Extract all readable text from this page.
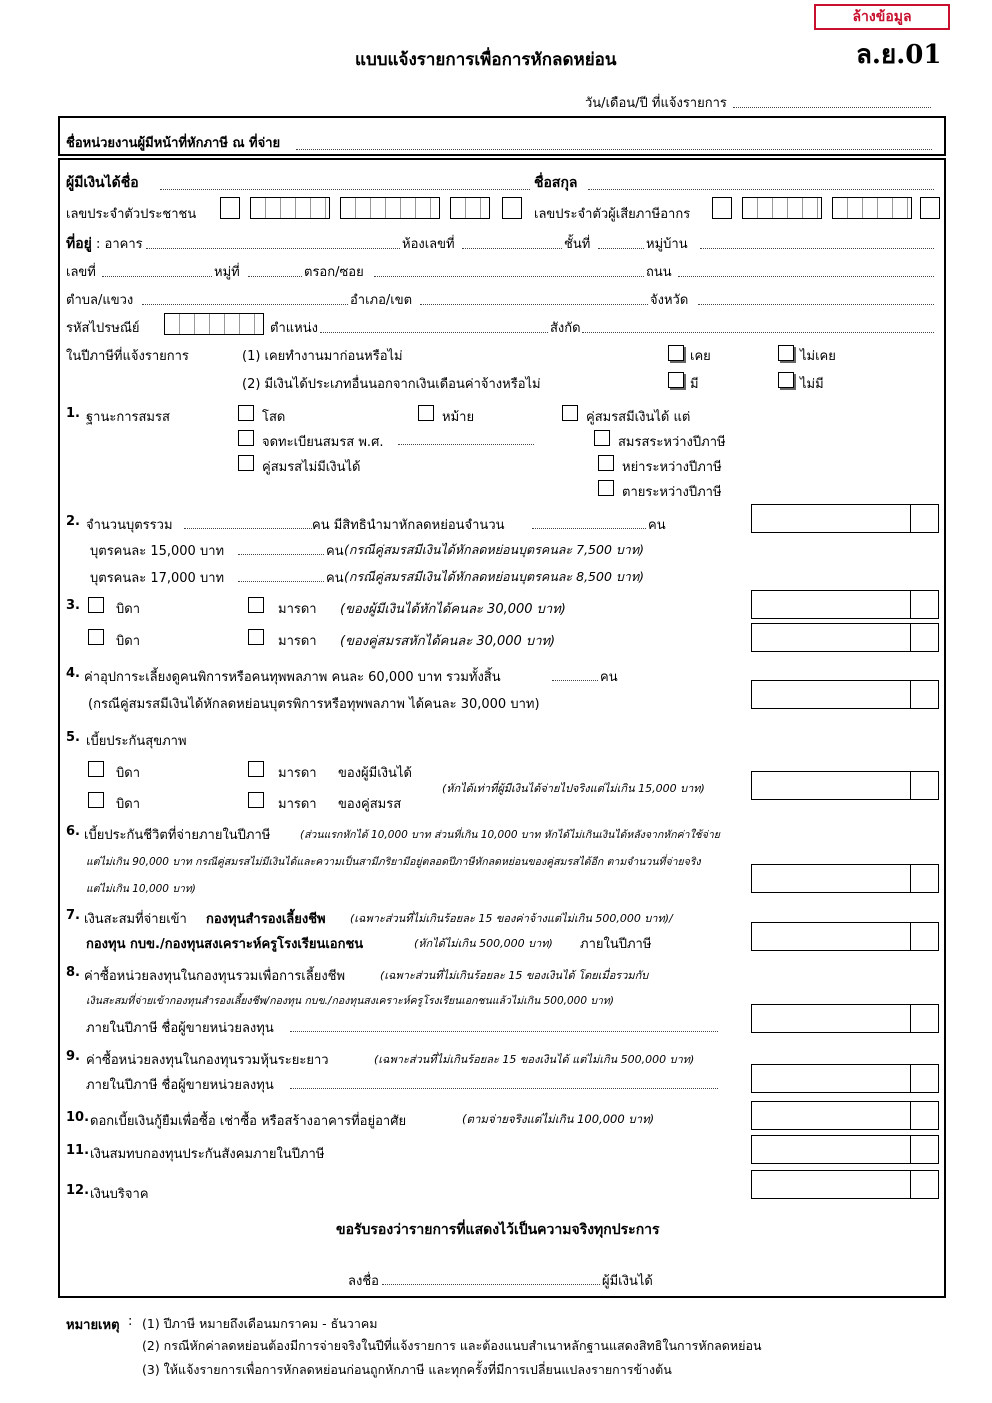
ล้างข้อมูล
ล.ย.01
แบบแจ้งรายการเพื่อการหักลดหย่อน
วัน/เดือน/ปี ที่แจ้งรายการ
ชื่อหน่วยงานผู้มีหน้าที่หักภาษี ณ ที่จ่าย
ผู้มีเงินได้ชื่อ	ชื่อสกุล
เลขประจำตัวประชาชน	เลขประจำตัวผู้เสียภาษีอากร
ที่อยู่ : อาคาร	ห้องเลขที่	ชั้นที่	หมู่บ้าน
เลขที่	หมู่ที่	ตรอก/ซอย	ถนน
ตำบล/แขวง	อำเภอ/เขต	จังหวัด
รหัสไปรษณีย์	ตำแหน่ง	สังกัด
ในปีภาษีที่แจ้งรายการ	(1) เคยทำงานมาก่อนหรือไม่	เคย	ไม่เคย
(2) มีเงินได้ประเภทอื่นนอกจากเงินเดือนค่าจ้างหรือไม่	มี	ไม่มี
1. ฐานะการสมรส	โสด	หม้าย	คู่สมรสมีเงินได้ แต่
จดทะเบียนสมรส พ.ศ.	สมรสระหว่างปีภาษี
คู่สมรสไม่มีเงินได้	หย่าระหว่างปีภาษี
ตายระหว่างปีภาษี
2. จำนวนบุตรรวม	คน มีสิทธินำมาหักลดหย่อนจำนวน	คน
บุตรคนละ 15,000 บาท	คน (กรณีคู่สมรสมีเงินได้หักลดหย่อนบุตรคนละ 7,500 บาท)
บุตรคนละ 17,000 บาท	คน (กรณีคู่สมรสมีเงินได้หักลดหย่อนบุตรคนละ 8,500 บาท)
3.	บิดา	มารดา (ของผู้มีเงินได้หักได้คนละ 30,000 บาท)
บิดา	มารดา (ของคู่สมรสหักได้คนละ 30,000 บาท)
4. ค่าอุปการะเลี้ยงดูคนพิการหรือคนทุพพลภาพ คนละ 60,000 บาท รวมทั้งสิ้น	คน
(กรณีคู่สมรสมีเงินได้หักลดหย่อนบุตรพิการหรือทุพพลภาพ ได้คนละ 30,000 บาท)
5. เบี้ยประกันสุขภาพ
บิดา	มารดา ของผู้มีเงินได้
บิดา	มารดา ของคู่สมรส
(หักได้เท่าที่ผู้มีเงินได้จ่ายไปจริงแต่ไม่เกิน 15,000 บาท)
6. เบี้ยประกันชีวิตที่จ่ายภายในปีภาษี	(ส่วนแรกหักได้ 10,000 บาท ส่วนที่เกิน 10,000 บาท หักได้ไม่เกินเงินได้หลังจากหักค่าใช้จ่าย
แต่ไม่เกิน 90,000 บาท กรณีคู่สมรสไม่มีเงินได้และความเป็นสามีภริยามีอยู่ตลอดปีภาษีหักลดหย่อนของคู่สมรสได้อีก ตามจำนวนที่จ่ายจริง
แต่ไม่เกิน 10,000 บาท)
7. เงินสะสมที่จ่ายเข้า กองทุนสำรองเลี้ยงชีพ (เฉพาะส่วนที่ไม่เกินร้อยละ 15 ของค่าจ้างแต่ไม่เกิน 500,000 บาท)/
กองทุน กบข./กองทุนสงเคราะห์ครูโรงเรียนเอกชน	(หักได้ไม่เกิน 500,000 บาท) ภายในปีภาษี
8. ค่าซื้อหน่วยลงทุนในกองทุนรวมเพื่อการเลี้ยงชีพ	(เฉพาะส่วนที่ไม่เกินร้อยละ 15 ของเงินได้ โดยเมื่อรวมกับ
เงินสะสมที่จ่ายเข้ากองทุนสำรองเลี้ยงชีพ/กองทุน กบข./กองทุนสงเคราะห์ครูโรงเรียนเอกชนแล้วไม่เกิน 500,000 บาท)
ภายในปีภาษี ชื่อผู้ขายหน่วยลงทุน
9. ค่าซื้อหน่วยลงทุนในกองทุนรวมหุ้นระยะยาว	(เฉพาะส่วนที่ไม่เกินร้อยละ 15 ของเงินได้ แต่ไม่เกิน 500,000 บาท)
ภายในปีภาษี ชื่อผู้ขายหน่วยลงทุน
10. ดอกเบี้ยเงินกู้ยืมเพื่อซื้อ เช่าซื้อ หรือสร้างอาคารที่อยู่อาศัย	(ตามจ่ายจริงแต่ไม่เกิน 100,000 บาท)
11. เงินสมทบกองทุนประกันสังคมภายในปีภาษี
12. เงินบริจาค
ขอรับรองว่ารายการที่แสดงไว้เป็นความจริงทุกประการ
ลงชื่อ	ผู้มีเงินได้
หมายเหตุ : (1) ปีภาษี หมายถึงเดือนมกราคม - ธันวาคม
(2) กรณีหักค่าลดหย่อนต้องมีการจ่ายจริงในปีที่แจ้งรายการ และต้องแนบสำเนาหลักฐานแสดงสิทธิในการหักลดหย่อน
(3) ให้แจ้งรายการเพื่อการหักลดหย่อนก่อนถูกหักภาษี และทุกครั้งที่มีการเปลี่ยนแปลงรายการข้างต้น
